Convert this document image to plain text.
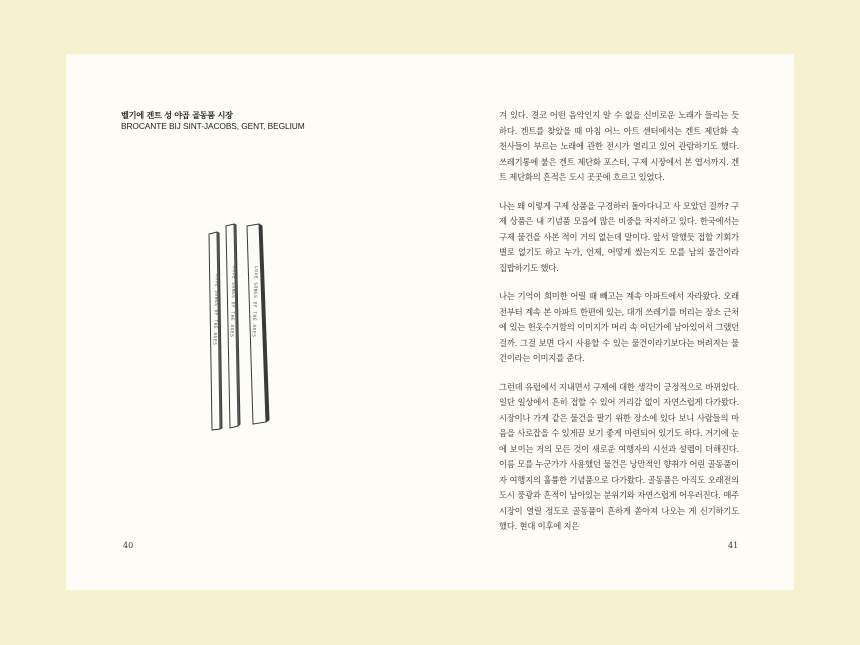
벨기에 겐트 성 야곱 골동품 시장
BROCANTE BIJ SINT-JACOBS, GENT, BEGLIUM
LOVE SONGS OF THE AGES LOVE SONGS OF THE AGES	LOVE SONGS OF THE AGES
40

겨 있다. 결코 어떤 음악인지 알 수 없을 신비로운 노래가 들리는 듯하다. 겐트를 찾았을 때 마침 어느 아트 센터에서는 겐트 제단화 속 천사들이 부르는 노래에 관한 전시가 열리고 있어 관람하기도 했다. 쓰레기통에 붙은 겐트 제단화 포스터, 구제 시장에서 본 엽서까지. 겐트 제단화의 흔적은 도시 곳곳에 흐르고 있었다.

나는 왜 이렇게 구제 상품을 구경하러 돌아다니고 사 모았던 걸까? 구제 상품은 내 기념품 모음에 많은 비중을 차지하고 있다. 한국에서는 구제 물건을 사본 적이 거의 없는데 말이다. 앞서 말했듯 접할 기회가 별로 없기도 하고 누가, 언제, 어떻게 썼는지도 모를 남의 물건이라 집밥하기도 했다.

나는 기억이 희미한 어릴 때 빼고는 계속 아파트에서 자라왔다. 오래전부터 계속 본 아파트 한편에 있는, 대개 쓰레기를 버리는 장소 근처에 있는 헌옷수거함의 이미지가 머리 속 어딘가에 남아있어서 그랬던 걸까. 그걸 보면 다시 사용할 수 있는 물건이라기보다는 버려지는 물건이라는 이미지를 준다.

그런데 유럽에서 지내면서 구제에 대한 생각이 긍정적으로 바뀌었다. 일단 일상에서 흔히 접할 수 있어 거리감 없이 자연스럽게 다가왔다. 시장이나 가게 같은 물건을 팔기 위한 장소에 있다 보니 사람들의 마음을 사로잡을 수 있게끔 보기 좋게 마련되어 있기도 하다. 거기에 눈에 보이는 거의 모든 것이 새로운 여행자의 시선과 설렘이 더해진다. 이름 모를 누군가가 사용했던 물건은 낭만적인 향취가 어린 골동품이자 여행지의 훌륭한 기념품으로 다가왔다. 골동품은 아직도 오래전의 도시 풍광과 흔적이 남아있는 분위기와 자연스럽게 어우러진다. 매주 시장이 열릴 정도로 골동품이 흔하게 쏟아져 나오는 게 신기하기도 했다. 현대 이후에 지은

41
